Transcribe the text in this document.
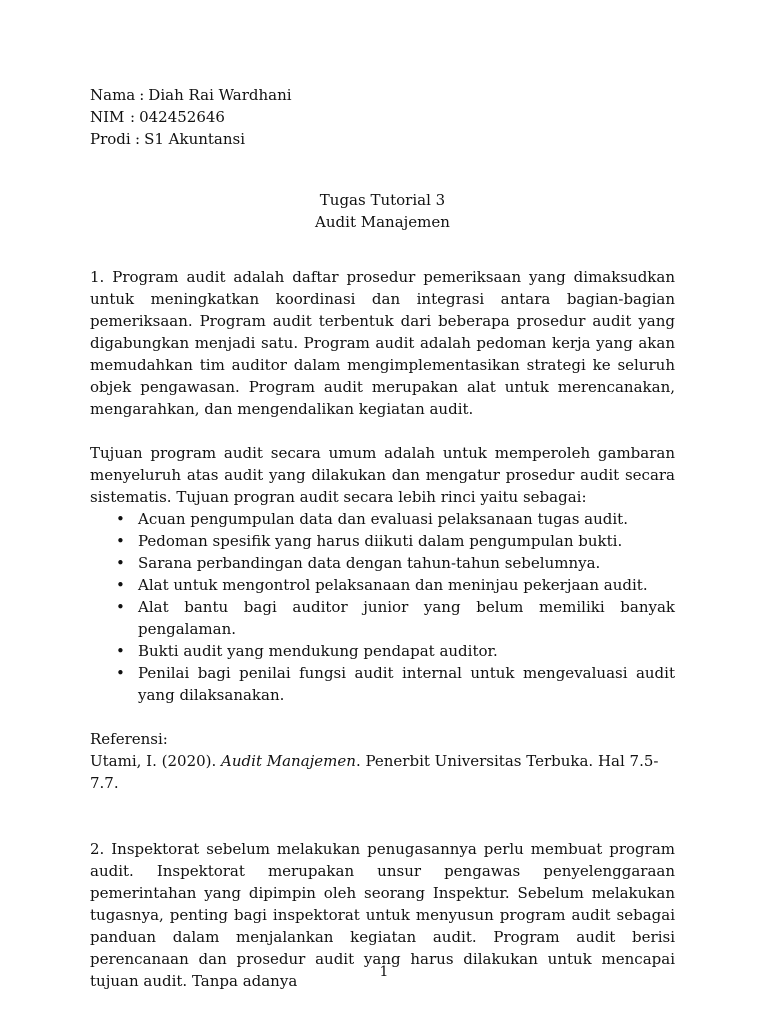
Nama : Diah Rai Wardhani
NIM : 042452646
Prodi : S1 Akuntansi
Tugas Tutorial 3
Audit Manajemen

1. Program audit adalah daftar prosedur pemeriksaan yang dimaksudkan untuk meningkatkan koordinasi dan integrasi antara bagian-bagian pemeriksaan. Program audit terbentuk dari beberapa prosedur audit yang digabungkan menjadi satu. Program audit adalah pedoman kerja yang akan memudahkan tim auditor dalam mengimplementasikan strategi ke seluruh objek pengawasan. Program audit merupakan alat untuk merencanakan, mengarahkan, dan mengendalikan kegiatan audit.

Tujuan program audit secara umum adalah untuk memperoleh gambaran menyeluruh atas audit yang dilakukan dan mengatur prosedur audit secara sistematis. Tujuan progran audit secara lebih rinci yaitu sebagai:

• Acuan pengumpulan data dan evaluasi pelaksanaan tugas audit.
• Pedoman spesifik yang harus diikuti dalam pengumpulan bukti.
• Sarana perbandingan data dengan tahun-tahun sebelumnya.
• Alat untuk mengontrol pelaksanaan dan meninjau pekerjaan audit.
• Alat bantu bagi auditor junior yang belum memiliki banyak pengalaman.
• Bukti audit yang mendukung pendapat auditor.
• Penilai bagi penilai fungsi audit internal untuk mengevaluasi audit yang dilaksanakan.
Referensi:
Utami, I. (2020). Audit Manajemen. Penerbit Universitas Terbuka. Hal 7.5-7.7.

2. Inspektorat sebelum melakukan penugasannya perlu membuat program audit. Inspektorat merupakan unsur pengawas penyelenggaraan pemerintahan yang dipimpin oleh seorang Inspektur. Sebelum melakukan tugasnya, penting bagi inspektorat untuk menyusun program audit sebagai panduan dalam menjalankan kegiatan audit. Program audit berisi perencanaan dan prosedur audit yang harus dilakukan untuk mencapai tujuan audit. Tanpa adanya	1
